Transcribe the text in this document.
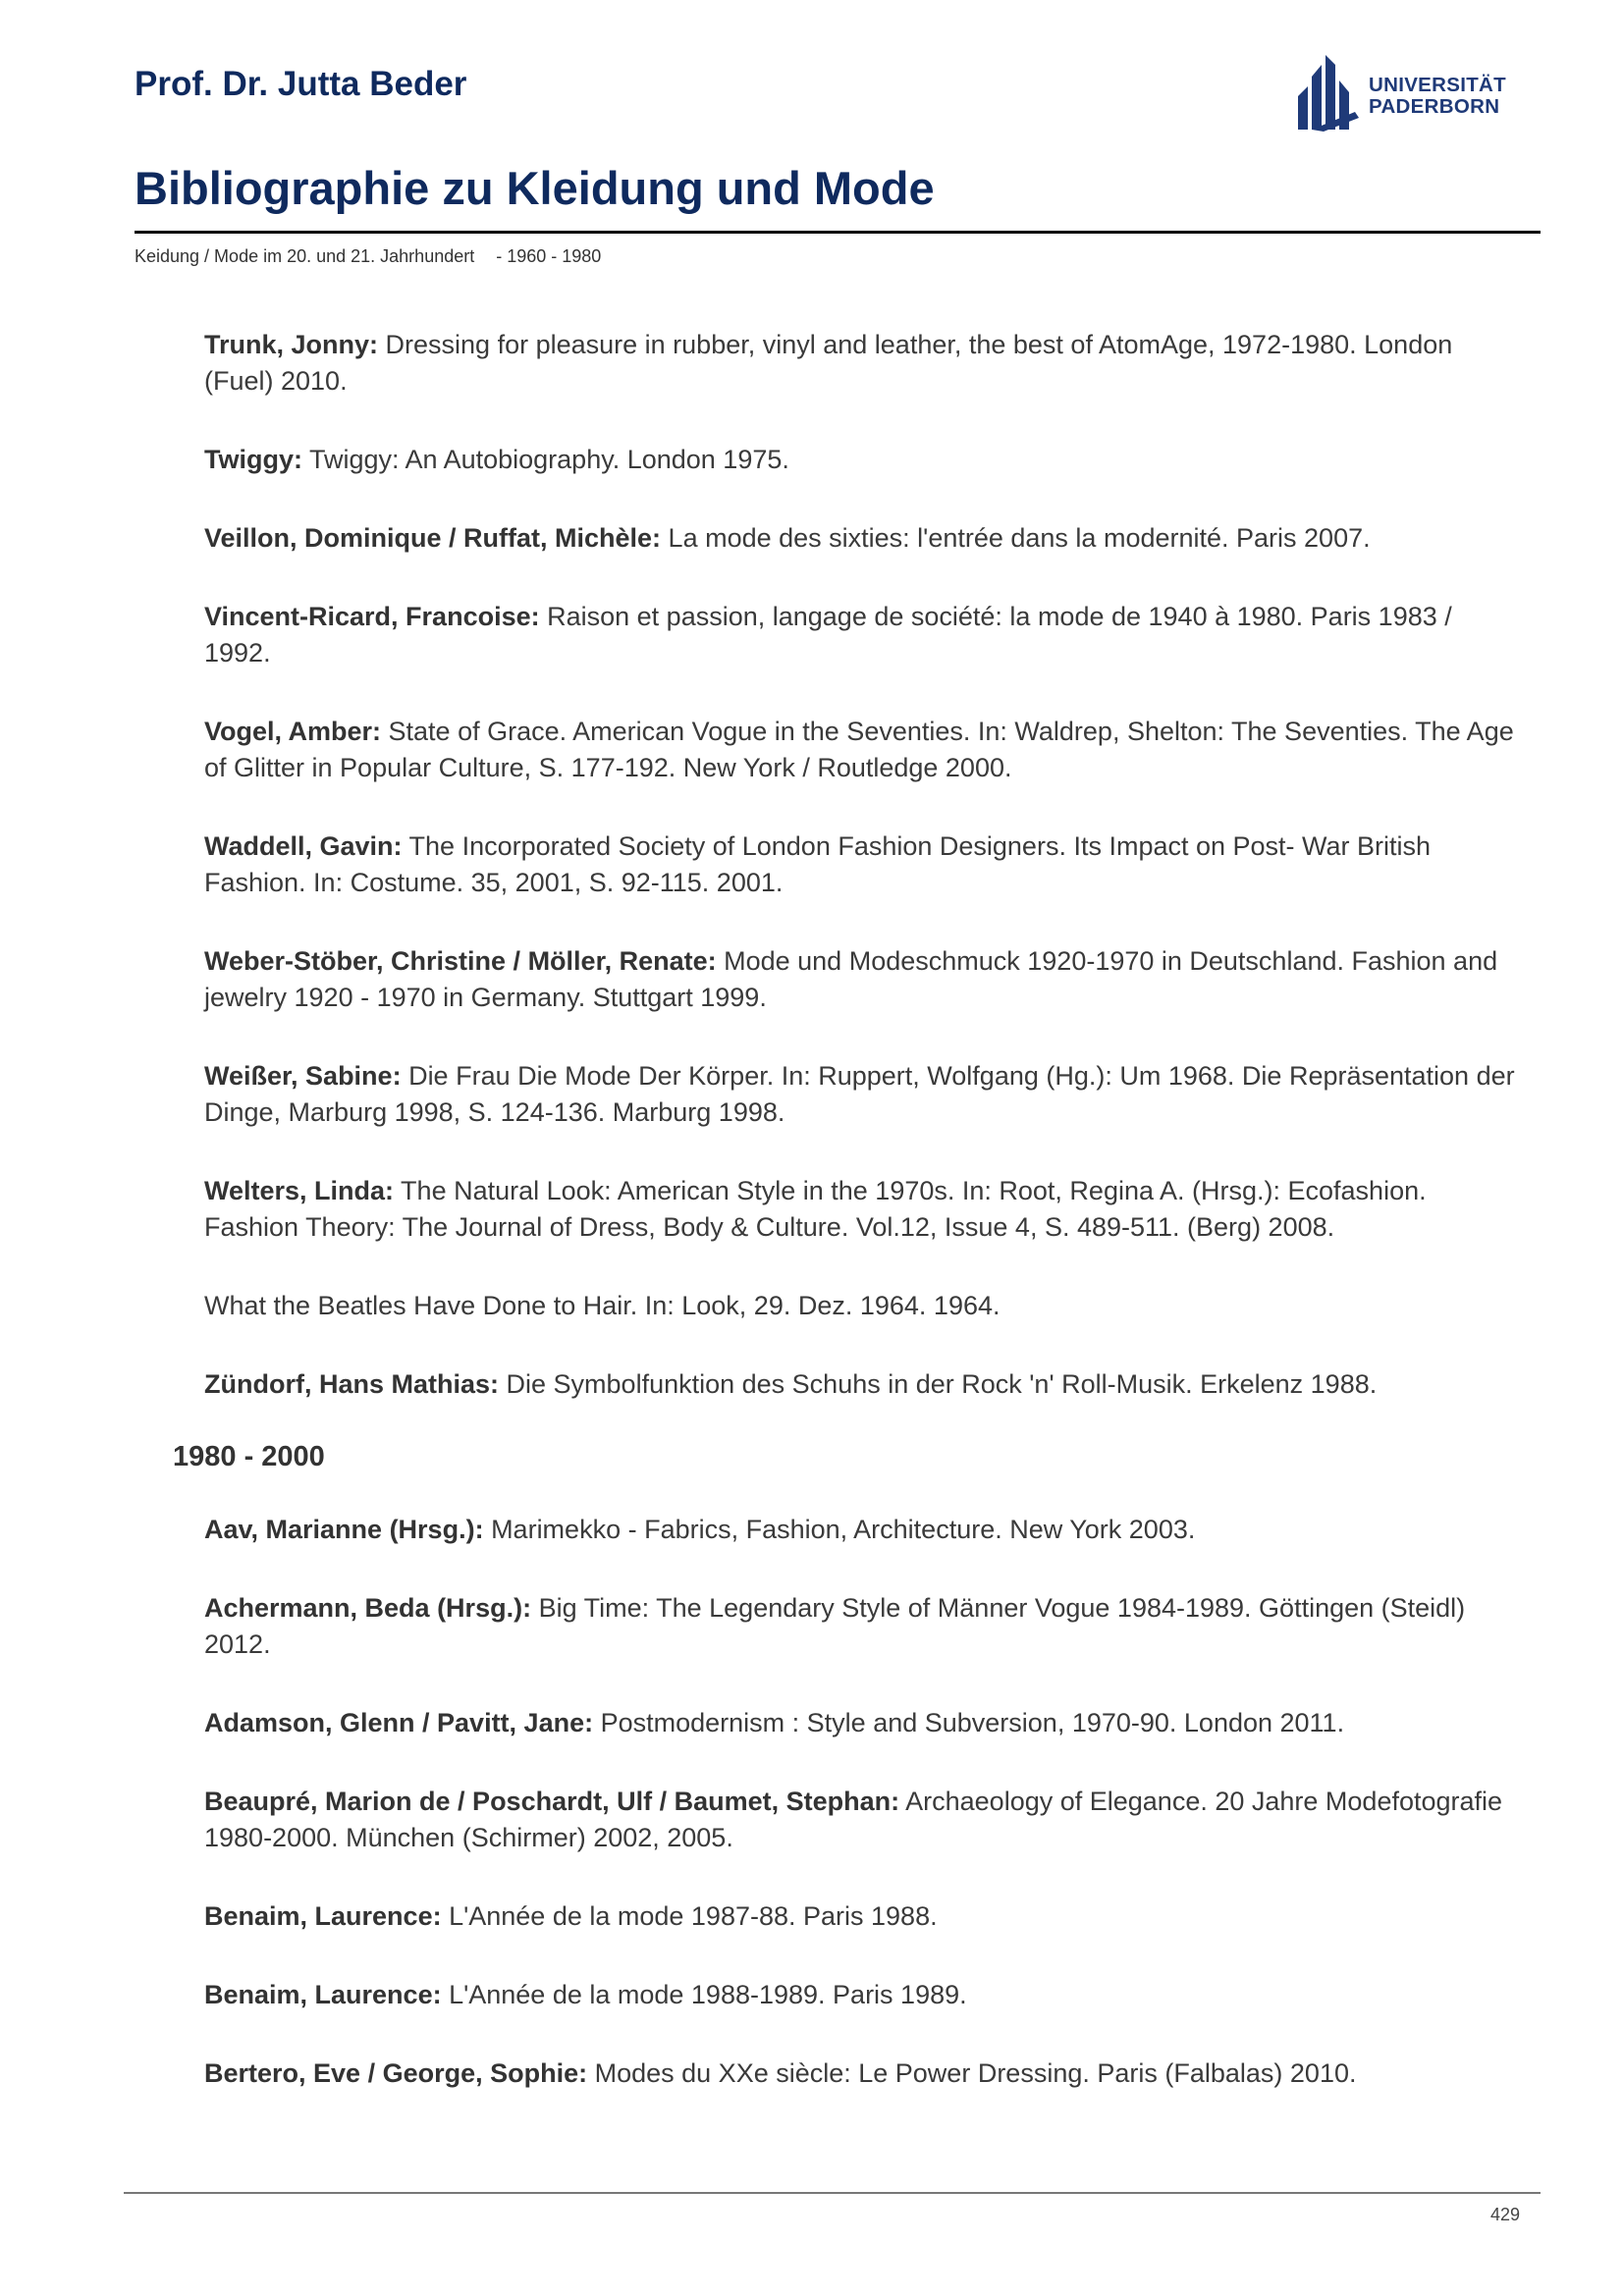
Prof. Dr. Jutta Beder	UNIVERSITÄT
PADERBORN
Bibliographie zu Kleidung und Mode
Keidung / Mode im 20. und 21. Jahrhundert - 1960 - 1980
Trunk, Jonny: Dressing for pleasure in rubber, vinyl and leather, the best of AtomAge, 1972-1980. London (Fuel) 2010.
Twiggy: Twiggy: An Autobiography. London 1975.
Veillon, Dominique / Ruffat, Michèle: La mode des sixties: l'entrée dans la modernité. Paris 2007.
Vincent-Ricard, Francoise: Raison et passion, langage de société: la mode de 1940 à 1980. Paris 1983 / 1992.
Vogel, Amber: State of Grace. American Vogue in the Seventies. In: Waldrep, Shelton: The Seventies. The Age of Glitter in Popular Culture, S. 177-192. New York / Routledge 2000.
Waddell, Gavin: The Incorporated Society of London Fashion Designers. Its Impact on Post- War British Fashion. In: Costume. 35, 2001, S. 92-115. 2001.
Weber-Stöber, Christine / Möller, Renate: Mode und Modeschmuck 1920-1970 in Deutschland. Fashion and jewelry 1920 - 1970 in Germany. Stuttgart 1999.
Weißer, Sabine: Die Frau Die Mode Der Körper. In: Ruppert, Wolfgang (Hg.): Um 1968. Die Repräsentation der Dinge, Marburg 1998, S. 124-136. Marburg 1998.
Welters, Linda: The Natural Look: American Style in the 1970s. In: Root, Regina A. (Hrsg.): Ecofashion. Fashion Theory: The Journal of Dress, Body & Culture. Vol.12, Issue 4, S. 489-511. (Berg) 2008.
What the Beatles Have Done to Hair. In: Look, 29. Dez. 1964. 1964.
Zündorf, Hans Mathias: Die Symbolfunktion des Schuhs in der Rock 'n' Roll-Musik. Erkelenz 1988.
1980 - 2000
Aav, Marianne (Hrsg.): Marimekko - Fabrics, Fashion, Architecture. New York 2003.
Achermann, Beda (Hrsg.): Big Time: The Legendary Style of Männer Vogue 1984-1989. Göttingen (Steidl) 2012.
Adamson, Glenn / Pavitt, Jane: Postmodernism : Style and Subversion, 1970-90. London 2011.
Beaupré, Marion de / Poschardt, Ulf / Baumet, Stephan: Archaeology of Elegance. 20 Jahre Modefotografie 1980-2000. München (Schirmer) 2002, 2005.
Benaim, Laurence: L'Année de la mode 1987-88. Paris 1988.
Benaim, Laurence: L'Année de la mode 1988-1989. Paris 1989.
Bertero, Eve / George, Sophie: Modes du XXe siècle: Le Power Dressing. Paris (Falbalas) 2010.
429
